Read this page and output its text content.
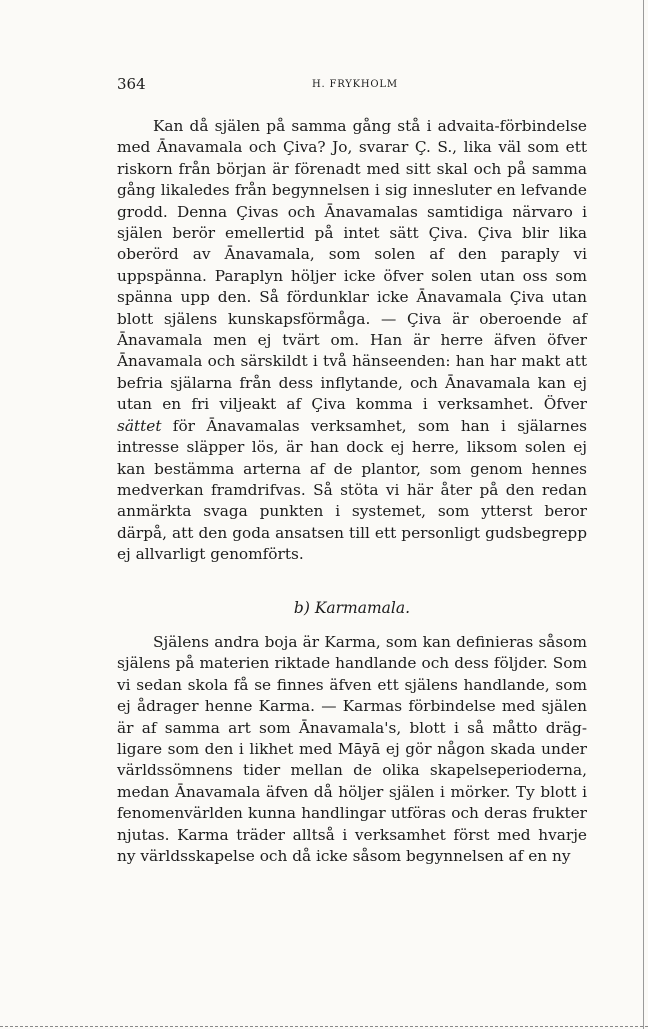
364	H. FRYKHOLM

Kan då själen på samma gång stå i advaita-förbindelse med Ānavamala och Çiva? Jo, svarar Ç. S., lika väl som ett riskorn från början är förenadt med sitt skal och på samma gång likaledes från begynnelsen i sig innesluter en lefvande grodd. Denna Çivas och Ānavamalas samtidiga närvaro i själen berör emellertid på intet sätt Çiva. Çiva blir lika oberörd av Ānavamala, som solen af den paraply vi uppspänna. Paraplyn höljer icke öfver solen utan oss som spänna upp den. Så fördunklar icke Ānavamala Çiva utan blott själens kunskapsförmåga. — Çiva är oberoende af Ānavamala men ej tvärt om. Han är herre äfven öfver Ānavamala och särskildt i två hänseenden: han har makt att befria själarna från dess inflytande, och Ānavamala kan ej utan en fri viljeakt af Çiva komma i verksamhet. Öfver sättet för Ānavamalas verksamhet, som han i själarnes intresse släpper lös, är han dock ej herre, liksom solen ej kan bestämma arterna af de plantor, som genom hennes medverkan framdrifvas. Så stöta vi här åter på den redan anmärkta svaga punkten i systemet, som ytterst beror därpå, att den goda ansatsen till ett personligt gudsbegrepp ej allvarligt genomförts.

b) Karmamala.

Själens andra boja är Karma, som kan definieras såsom själens på materien riktade handlande och dess följder. Som vi sedan skola få se finnes äfven ett själens handlande, som ej ådrager henne Karma. — Karmas förbindelse med själen är af samma art som Ānavamala's, blott i så måtto dräg-ligare som den i likhet med Māyā ej gör någon skada under världssömnens tider mellan de olika skapelseperioderna, medan Ānavamala äfven då höljer själen i mörker. Ty blott i fenomenvärlden kunna handlingar utföras och deras frukter njutas. Karma träder alltså i verksamhet först med hvarje ny världsskapelse och då icke såsom begynnelsen af en ny
